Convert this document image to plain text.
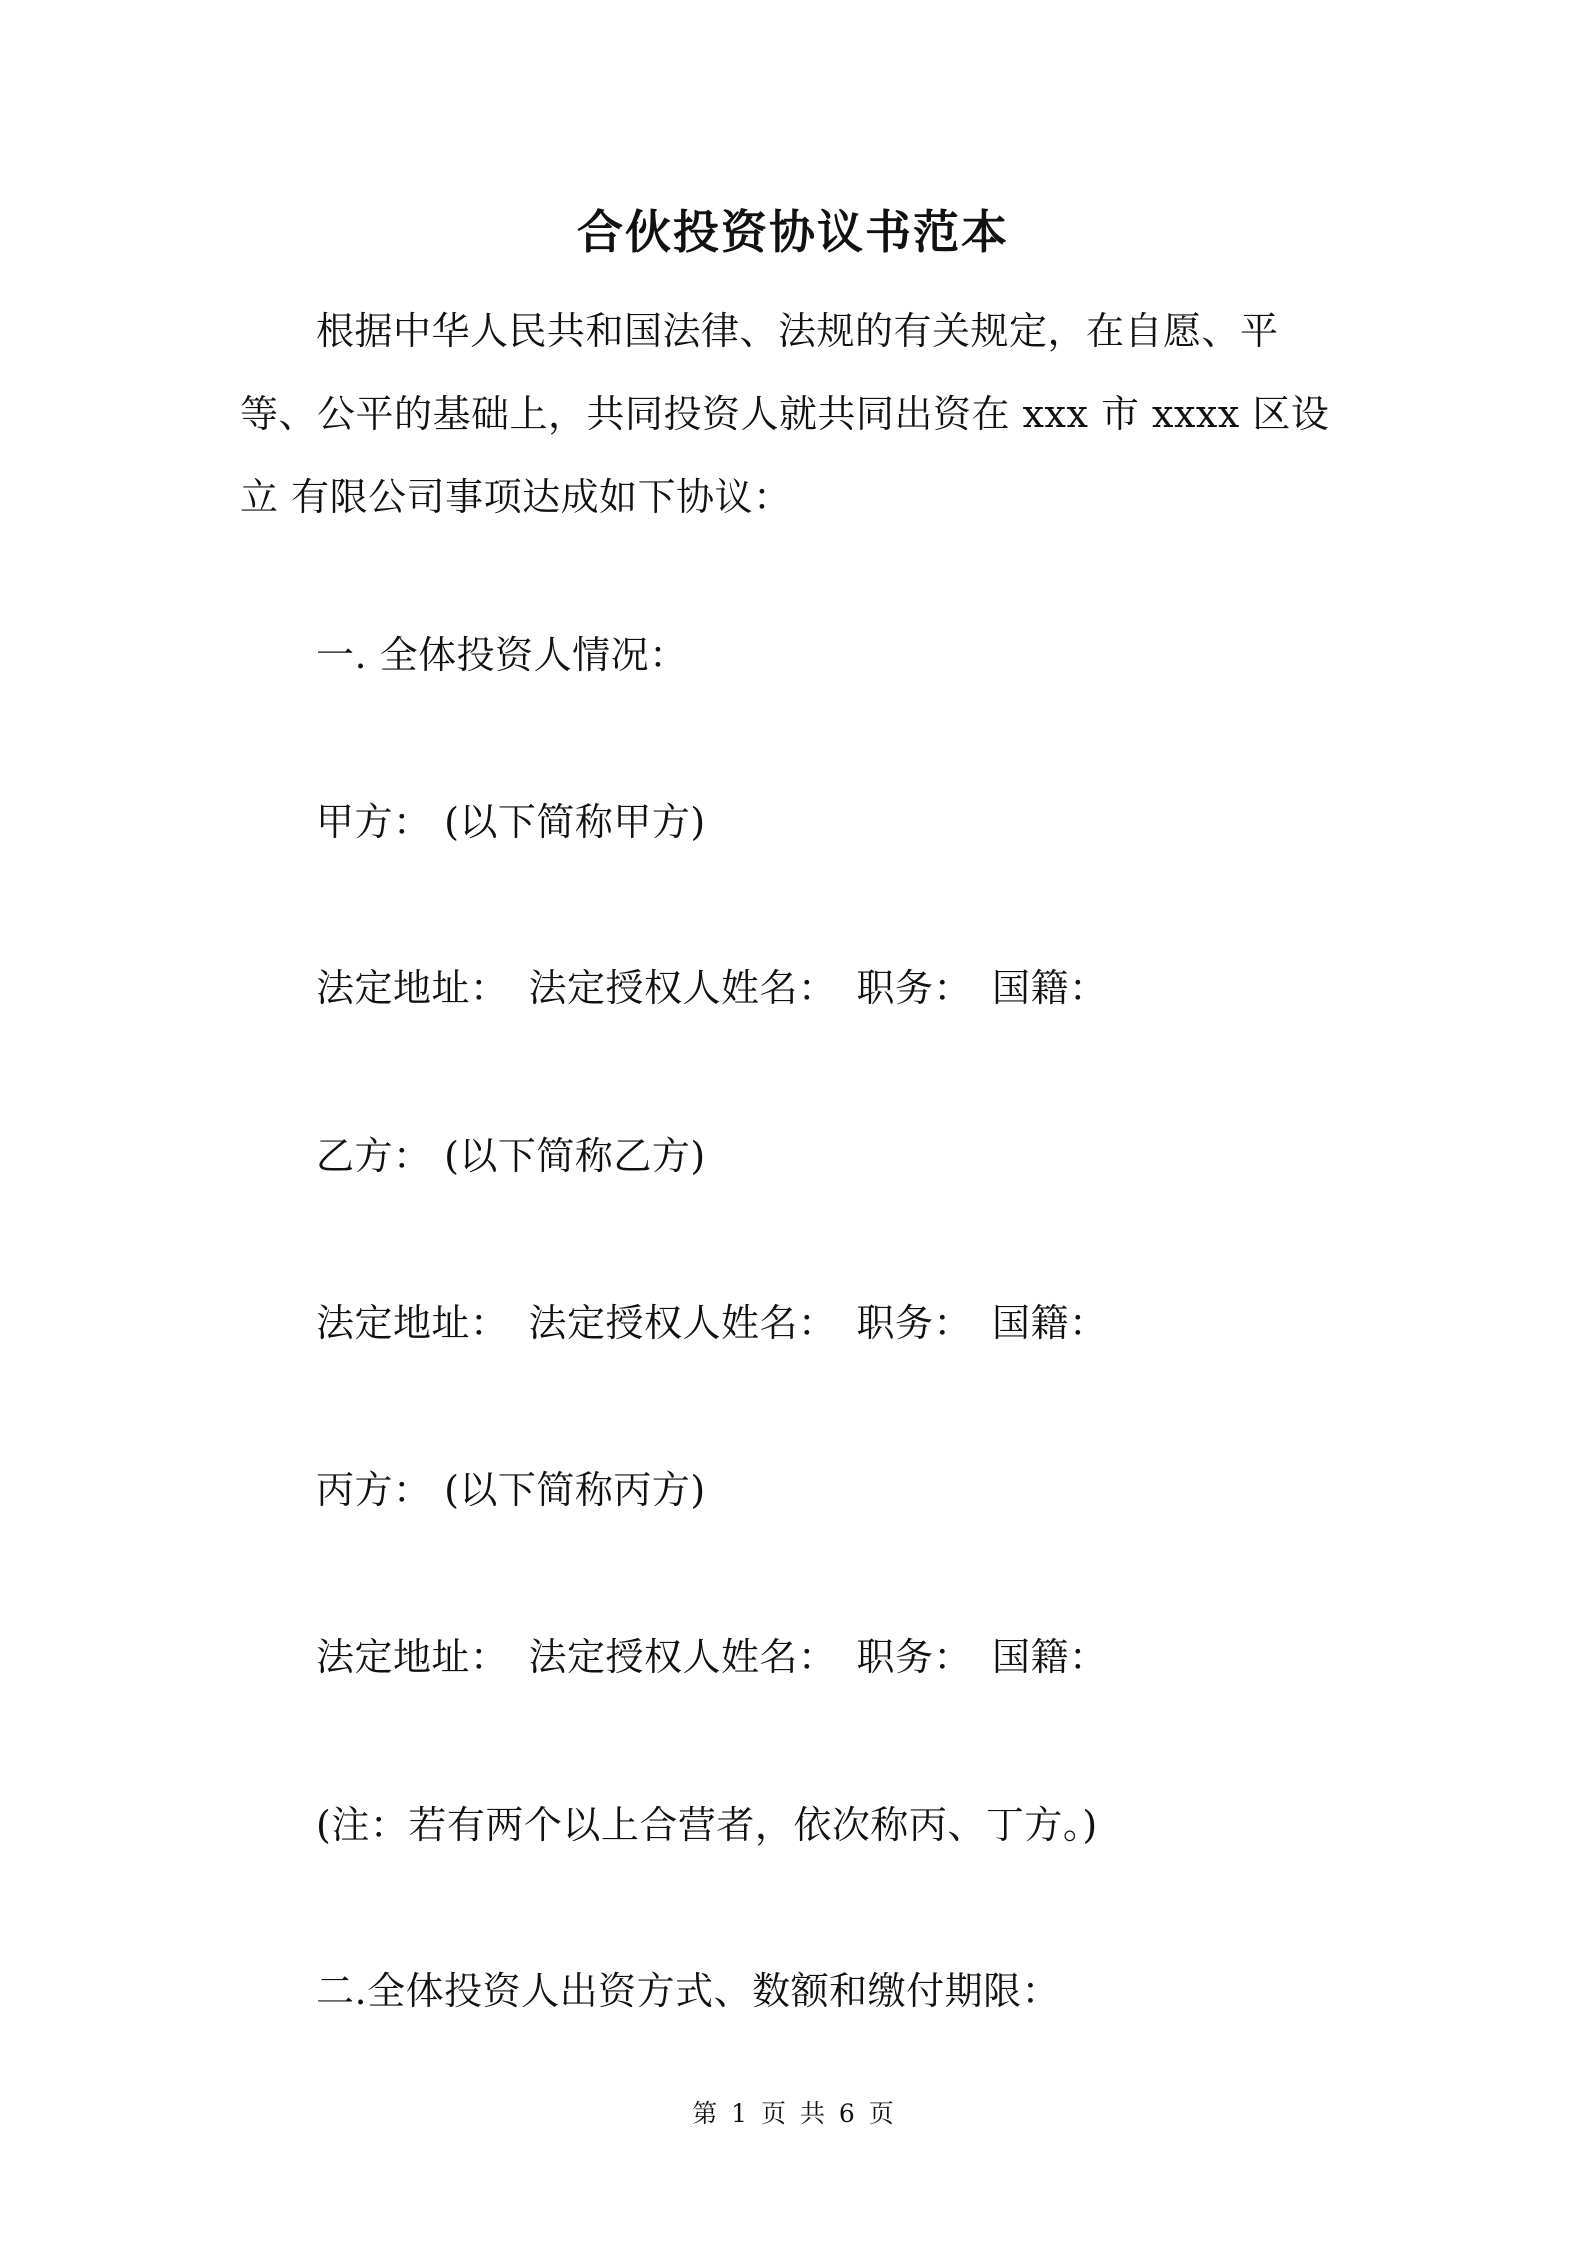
合伙投资协议书范本

根据中华人民共和国法律、法规的有关规定，在自愿、平等、公平的基础上，共同投资人就共同出资在 xxx 市 xxxx 区设立 有限公司事项达成如下协议：

一. 全体投资人情况：
甲方： (以下简称甲方)
法定地址： 法定授权人姓名： 职务： 国籍：
乙方： (以下简称乙方)
法定地址： 法定授权人姓名： 职务： 国籍：
丙方： (以下简称丙方)
法定地址： 法定授权人姓名： 职务： 国籍：
(注：若有两个以上合营者，依次称丙、丁方。)
二.全体投资人出资方式、数额和缴付期限：
第 1 页 共 6 页
